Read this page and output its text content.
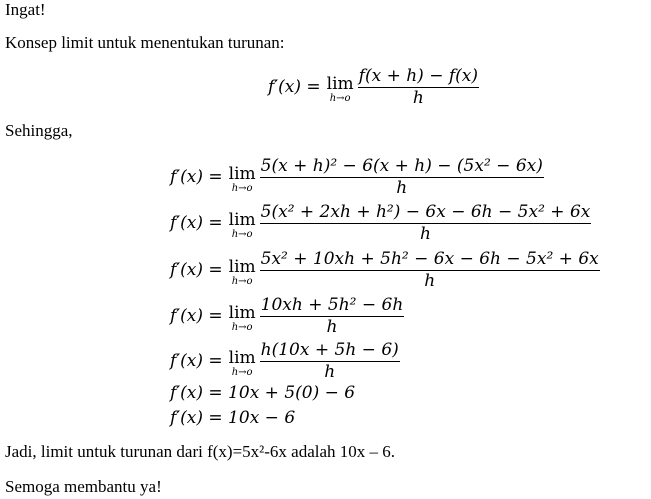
Ingat!
Konsep limit untuk menentukan turunan:
f′(x) = lim
$h\to o \frac{f(x + h) - f(x)}{h}$
Sehingga,
f′(x) = lim
$h\to o \frac{\text{5(x + h)² − 6(x + h) − (5x² − 6x)}}{h}$
f′(x) = lim
$h\to o \frac{\text{5(x² + 2xh + h²) − 6x − 6h − 5x² + 6x}}{h}$
f′(x) = lim
$h\to o \frac{\text{5x² + 10xh + 5h² − 6x − 6h − 5x² + 6x}}{h}$
f′(x) = lim
$h\to o \frac{\text{10xh + 5h² − 6h}}{h}$
f′(x) = lim
$h\to o \frac{h(10x + 5h - 6)}{h}$
f′(x) = 10x + 5(0) − 6
f′(x) = 10x − 6
Jadi, limit untuk turunan dari f(x)=5x²-6x adalah 10x – 6.
Semoga membantu ya!
